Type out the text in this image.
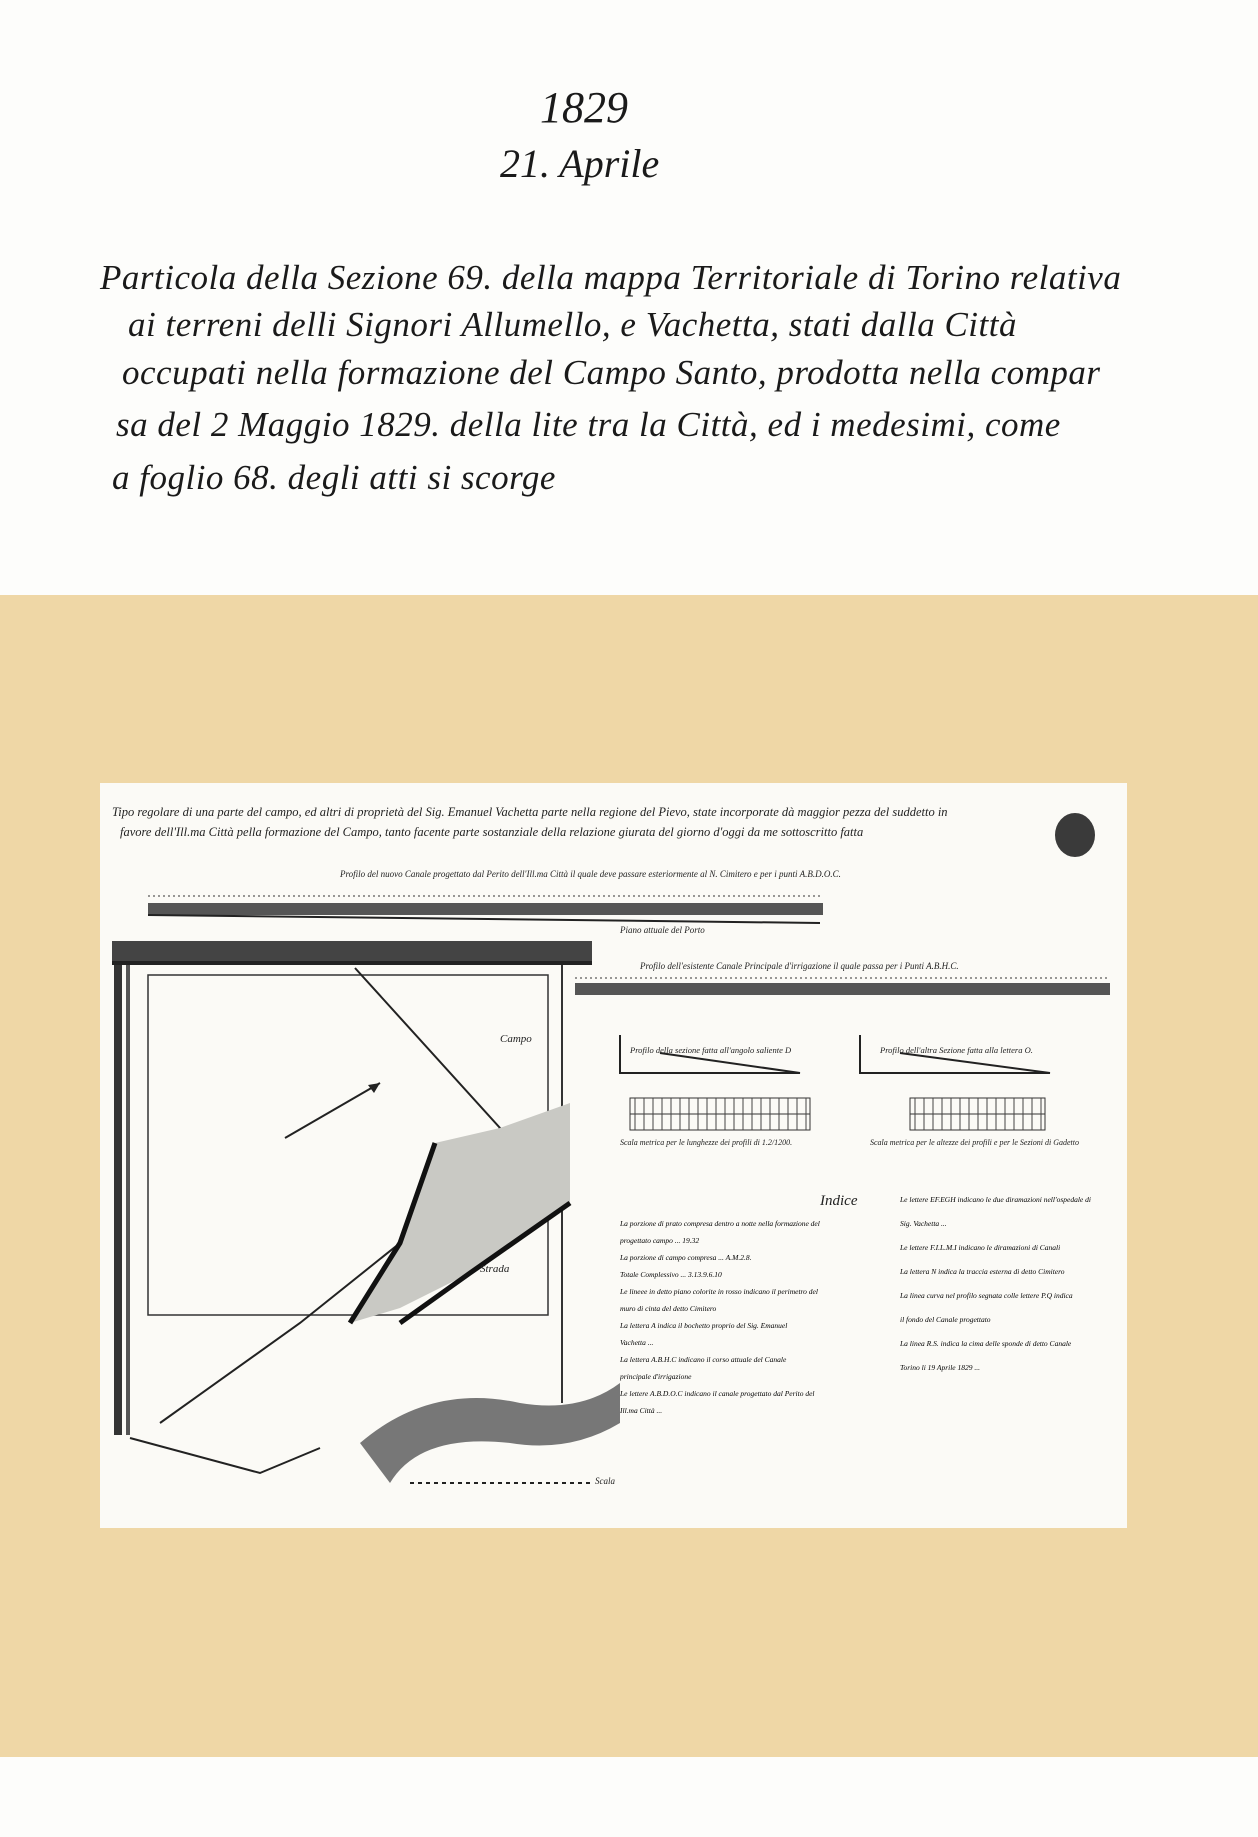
1829
21. Aprile
Particola della Sezione 69. della mappa Territoriale di Torino relativa
ai terreni delli Signori Allumello, e Vachetta, stati dalla Città
occupati nella formazione del Campo Santo, prodotta nella compar
sa del 2 Maggio 1829. della lite tra la Città, ed i medesimi, come
a foglio 68. degli atti si scorge
Tipo regolare di una parte del campo, ed altri di proprietà del Sig. Emanuel Vachetta parte nella regione del Pievo, state incorporate dà maggior pezza del suddetto in
favore dell'Ill.ma Città pella formazione del Campo, tanto facente parte sostanziale della relazione giurata del giorno d'oggi da me sottoscritto fatta
Profilo del nuovo Canale progettato dal Perito dell'Ill.ma Città il quale deve passare esteriormente al N. Cimitero e per i punti A.B.D.O.C.
Piano attuale del Porto
Profilo dell'esistente Canale Principale d'irrigazione il quale passa per i Punti A.B.H.C.
Profilo della sezione fatta all'angolo saliente D	Profilo dell'altra Sezione fatta alla lettera O.
Scala metrica per le lunghezze dei profili di 1.2/1200.	Scala metrica per le altezze dei profili e per le Sezioni di Gadetto
Campo
Strada
Scala
Indice
La porzione di prato compresa dentro a notte nella formazione del
progettato campo ... 19.32
La porzione di campo compresa ... A.M.2.8.
Totale Complessivo ... 3.13.9.6.10
Le lineee in detto piano colorite in rosso indicano il perimetro del
muro di cinta del detto Cimitero
La lettera A indica il bochetto proprio del Sig. Emanuel
Vachetta ...
La lettera A.B.H.C indicano il corso attuale del Canale
principale d'irrigazione
Le lettere A.B.D.O.C indicano il canale progettato dal Perito del
Ill.ma Città ...
Le lettere EF.EGH indicano le due diramazioni nell'ospedale di
Sig. Vachetta ...
Le lettere F.I.L.M.I indicano le diramazioni di Canali
La lettera N indica la traccia esterna di detto Cimitero
La linea curva nel profilo segnata colle lettere P.Q indica
il fondo del Canale progettato
La linea R.S. indica la cima delle sponde di detto Canale
Torino li 19 Aprile 1829 ...
